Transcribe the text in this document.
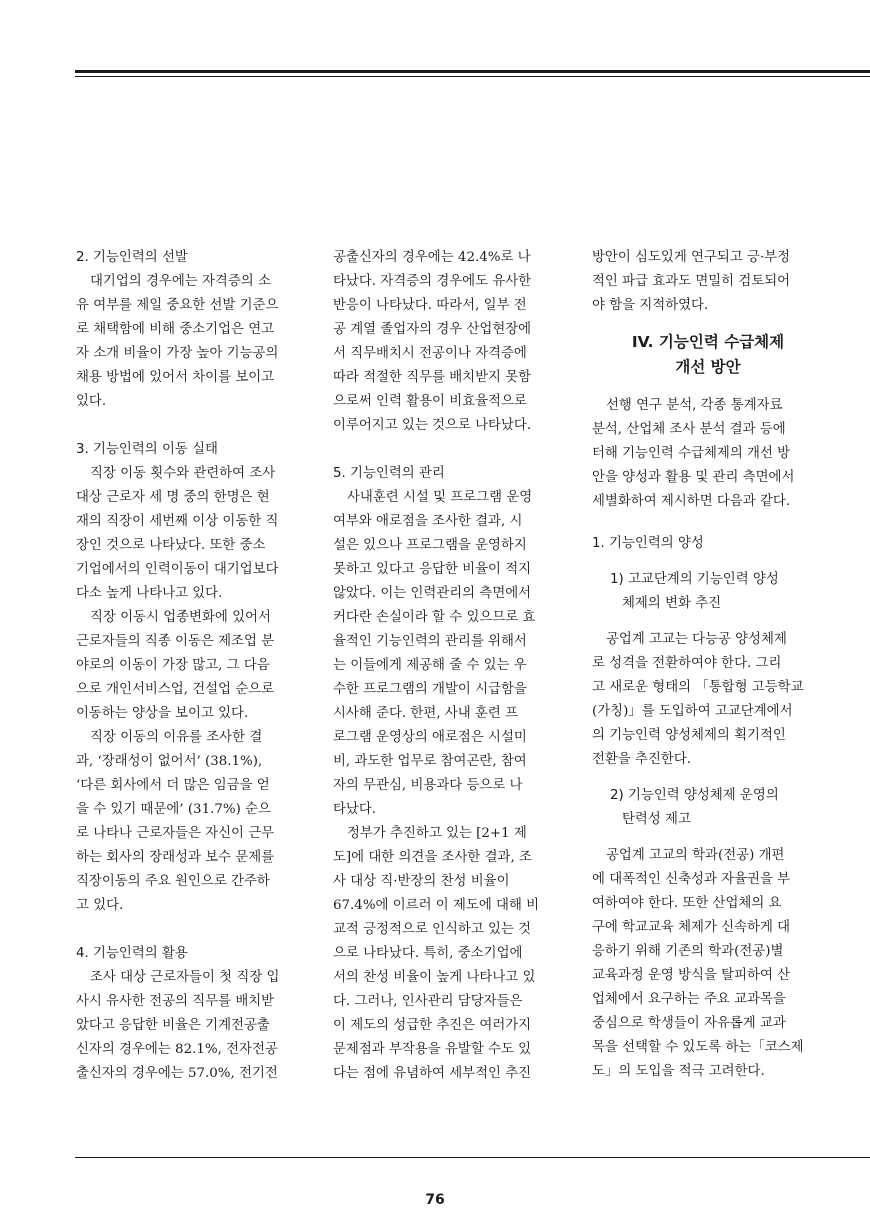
2. 기능인력의 선발
대기업의 경우에는 자격증의 소
유 여부를 제일 중요한 선발 기준으
로 채택함에 비해 중소기업은 연고
자 소개 비율이 가장 높아 기능공의
채용 방법에 있어서 차이를 보이고
있다.
3. 기능인력의 이동 실태
직장 이동 횟수와 관련하여 조사
대상 근로자 세 명 중의 한명은 현
재의 직장이 세번째 이상 이동한 직
장인 것으로 나타났다. 또한 중소
기업에서의 인력이동이 대기업보다
다소 높게 나타나고 있다.
직장 이동시 업종변화에 있어서
근로자들의 직종 이동은 제조업 분
야로의 이동이 가장 많고, 그 다음
으로 개인서비스업, 건설업 순으로
이동하는 양상을 보이고 있다.
직장 이동의 이유를 조사한 결
과, ‘장래성이 없어서’ (38.1%),
‘다른 회사에서 더 많은 임금을 얻
을 수 있기 때문에’ (31.7%) 순으
로 나타나 근로자들은 자신이 근무
하는 회사의 장래성과 보수 문제를
직장이동의 주요 원인으로 간주하
고 있다.
4. 기능인력의 활용
조사 대상 근로자들이 첫 직장 입
사시 유사한 전공의 직무를 배치받
았다고 응답한 비율은 기계전공출
신자의 경우에는 82.1%, 전자전공
출신자의 경우에는 57.0%, 전기전
공출신자의 경우에는 42.4%로 나
타났다. 자격증의 경우에도 유사한
반응이 나타났다. 따라서, 일부 전
공 계열 졸업자의 경우 산업현장에
서 직무배치시 전공이나 자격증에
따라 적절한 직무를 배치받지 못함
으로써 인력 활용이 비효율적으로
이루어지고 있는 것으로 나타났다.
5. 기능인력의 관리
사내훈련 시설 및 프로그램 운영
여부와 애로점을 조사한 결과, 시
설은 있으나 프로그램을 운영하지
못하고 있다고 응답한 비율이 적지
않았다. 이는 인력관리의 측면에서
커다란 손실이라 할 수 있으므로 효
율적인 기능인력의 관리를 위해서
는 이들에게 제공해 줄 수 있는 우
수한 프로그램의 개발이 시급함을
시사해 준다. 한편, 사내 훈련 프
로그램 운영상의 애로점은 시설미
비, 과도한 업무로 참여곤란, 참여
자의 무관심, 비용과다 등으로 나
타났다.
정부가 추진하고 있는 [2+1 제
도]에 대한 의견을 조사한 결과, 조
사 대상 직·반장의 찬성 비율이
67.4%에 이르러 이 제도에 대해 비
교적 긍정적으로 인식하고 있는 것
으로 나타났다. 특히, 중소기업에
서의 찬성 비율이 높게 나타나고 있
다. 그러나, 인사관리 담당자들은
이 제도의 성급한 추진은 여러가지
문제점과 부작용을 유발할 수도 있
다는 점에 유념하여 세부적인 추진
방안이 심도있게 연구되고 긍·부정
적인 파급 효과도 면밀히 검토되어
야 함을 지적하였다.
IV. 기능인력 수급체제
개선 방안
선행 연구 분석, 각종 통계자료
분석, 산업체 조사 분석 결과 등에
터해 기능인력 수급체제의 개선 방
안을 양성과 활용 및 관리 측면에서
세별화하여 제시하면 다음과 같다.
1. 기능인력의 양성
1) 고교단계의 기능인력 양성
체제의 변화 추진
공업계 고교는 다능공 양성체제
로 성격을 전환하여야 한다. 그리
고 새로운 형태의 「통합형 고등학교
(가칭)」를 도입하여 고교단계에서
의 기능인력 양성체제의 획기적인
전환을 추진한다.
2) 기능인력 양성체제 운영의
탄력성 제고
공업계 고교의 학과(전공) 개편
에 대폭적인 신축성과 자율권을 부
여하여야 한다. 또한 산업체의 요
구에 학교교육 체제가 신속하게 대
응하기 위해 기존의 학과(전공)별
교육과정 운영 방식을 탈피하여 산
업체에서 요구하는 주요 교과목을
중심으로 학생들이 자유롭게 교과
목을 선택할 수 있도록 하는「코스제
도」의 도입을 적극 고려한다.
76
